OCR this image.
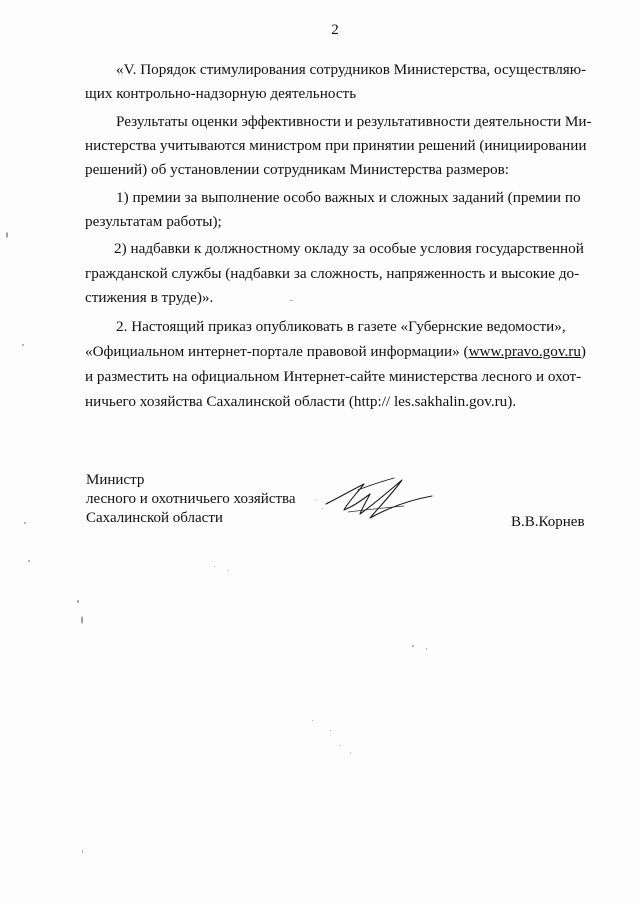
2
«V. Порядок стимулирования сотрудников Министерства, осуществляю-
щих контрольно-надзорную деятельность
Результаты оценки эффективности и результативности деятельности Ми-
нистерства учитываются министром при принятии решений (инициировании
решений) об установлении сотрудникам Министерства размеров:
1) премии за выполнение особо важных и сложных заданий (премии по
результатам работы);
2) надбавки к должностному окладу за особые условия государственной
гражданской службы (надбавки за сложность, напряженность и высокие до-
стижения в труде)».
2. Настоящий приказ опубликовать в газете «Губернские ведомости»,
«Официальном интернет-портале правовой информации» (www.pravo.gov.ru)
и разместить на официальном Интернет-сайте министерства лесного и охот-
ничьего хозяйства Сахалинской области (http:// les.sakhalin.gov.ru).
Министр
лесного и охотничьего хозяйства
Сахалинской области	В.В.Корнев
